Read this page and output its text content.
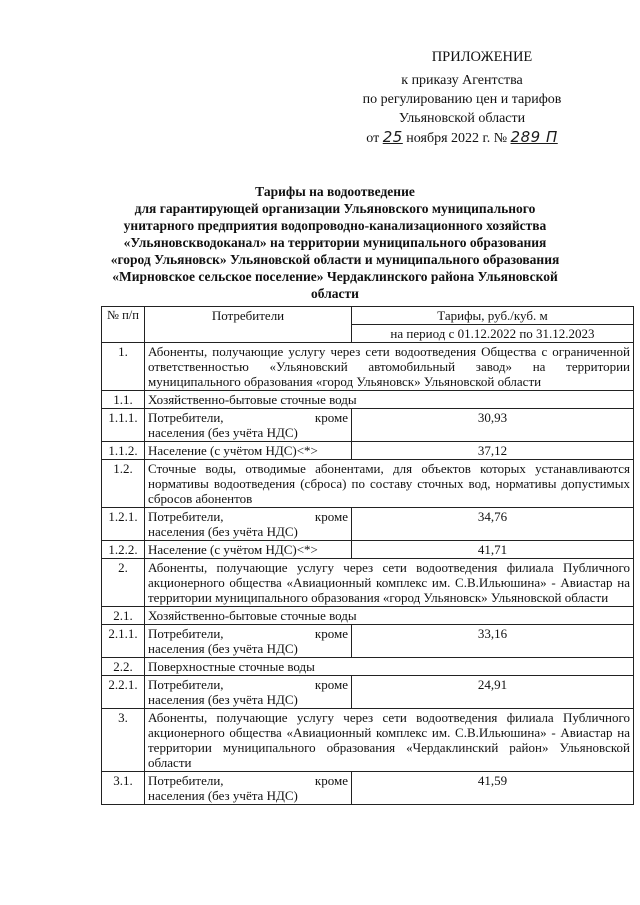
ПРИЛОЖЕНИЕ
к приказу Агентства
по регулированию цен и тарифов
Ульяновской области
от 25 ноября 2022 г. № 289 П
Тарифы на водоотведение
для гарантирующей организации Ульяновского муниципального
унитарного предприятия водопроводно-канализационного хозяйства
«Ульяновскводоканал» на территории муниципального образования
«город Ульяновск» Ульяновской области и муниципального образования
«Мирновское сельское поселение» Чердаклинского района Ульяновской
области
№ п/п	Потребители	Тарифы, руб./куб. м
		на период с 01.12.2022 по 31.12.2023
1.	Абоненты, получающие услугу через сети водоотведения Общества с ограниченной ответственностью «Ульяновский автомобильный завод» на территории муниципального образования «город Ульяновск» Ульяновской области	
1.1.	Хозяйственно-бытовые сточные воды	
1.1.1.	Потребители, кроме
населения (без учёта НДС)	30,93
1.1.2.	Население (с учётом НДС)<*>	37,12
1.2.	Сточные воды, отводимые абонентами, для объектов которых устанавливаются нормативы водоотведения (сброса) по составу сточных вод, нормативы допустимых сбросов абонентов	
1.2.1.	Потребители, кроме
населения (без учёта НДС)	34,76
1.2.2.	Население (с учётом НДС)<*>	41,71
2.	Абоненты, получающие услугу через сети водоотведения филиала Публичного акционерного общества «Авиационный комплекс им. С.В.Ильюшина» - Авиастар на территории муниципального образования «город Ульяновск» Ульяновской области	
2.1.	Хозяйственно-бытовые сточные воды	
2.1.1.	Потребители, кроме
населения (без учёта НДС)	33,16
2.2.	Поверхностные сточные воды	
2.2.1.	Потребители, кроме
населения (без учёта НДС)	24,91
3.	Абоненты, получающие услугу через сети водоотведения филиала Публичного акционерного общества «Авиационный комплекс им. С.В.Ильюшина» - Авиастар на территории муниципального образования «Чердаклинский район» Ульяновской области	
3.1.	Потребители, кроме
населения (без учёта НДС)	41,59
